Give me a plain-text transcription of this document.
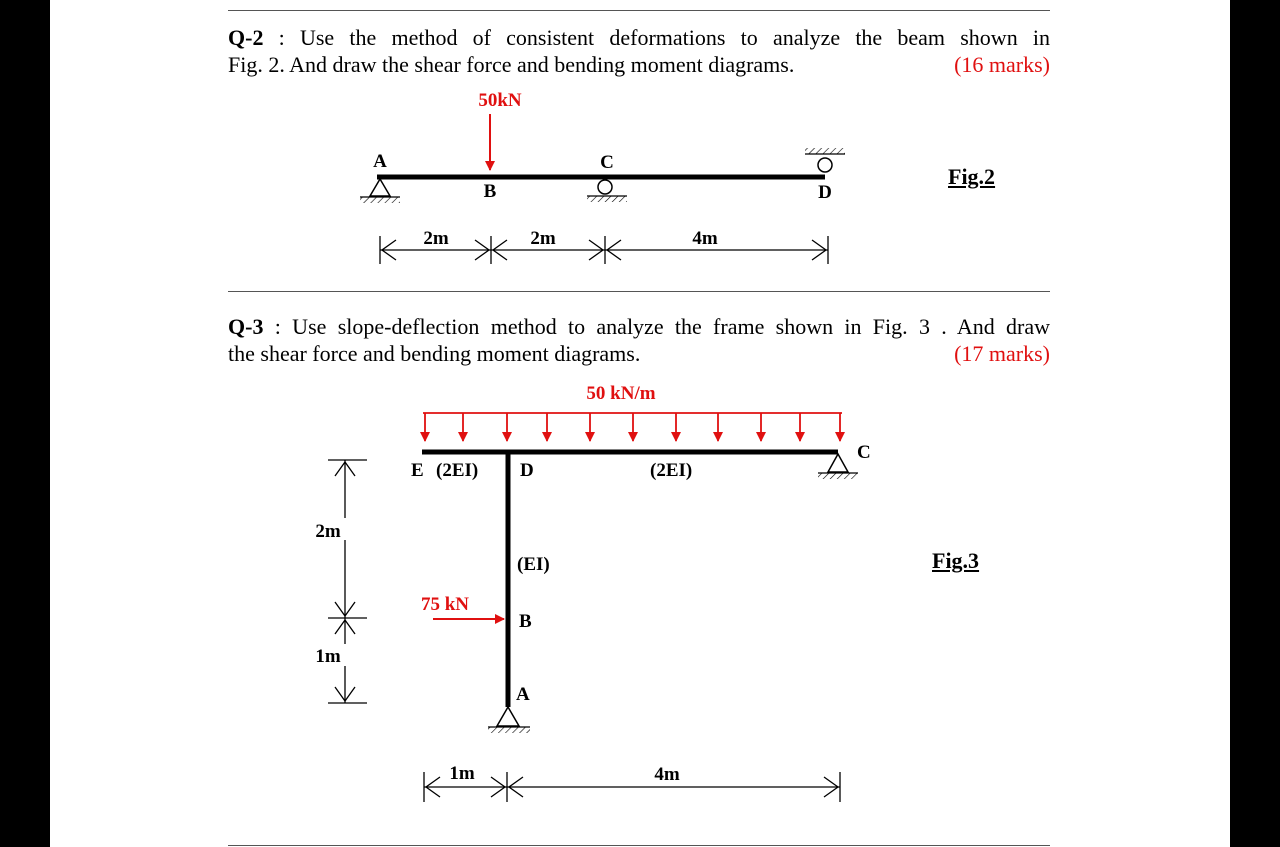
Q-2 : Use the method of consistent deformations to analyze the beam shown in
Fig. 2. And draw the shear force and bending moment diagrams.	(16 marks)
Fig.2
Q-3 : Use slope-deflection method to analyze the frame shown in Fig. 3 . And draw
the shear force and bending moment diagrams.	(17 marks)
Fig.3
50kN
A
B
C
D
2m	2m	4m
50 kN/m
E (2EI) D	(2EI)
C
(EI)
B
A
75 kN
2m
1m
1m	4m
